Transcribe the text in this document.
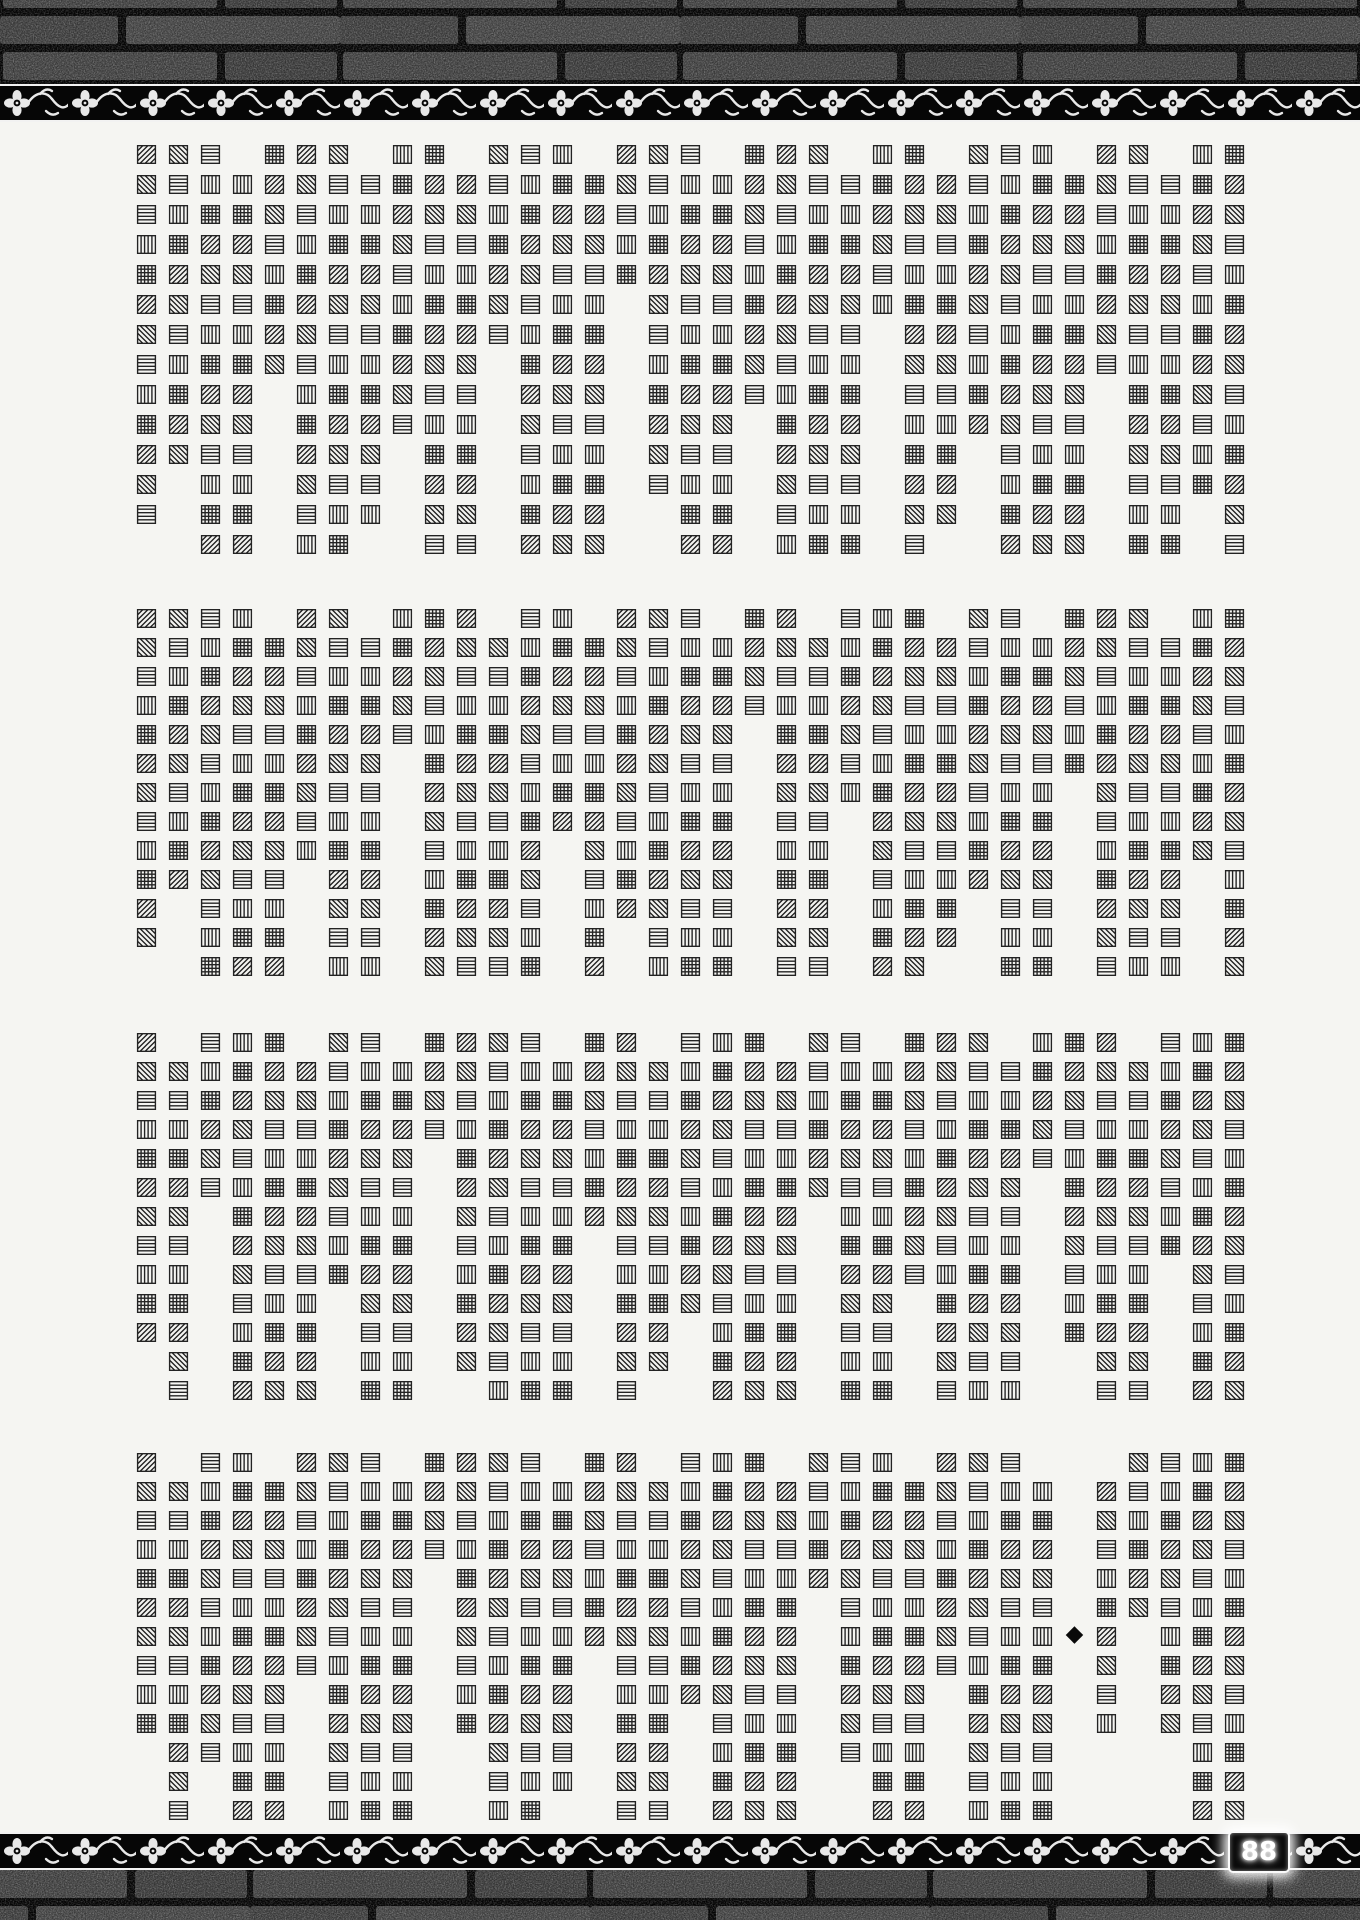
▦▨▧▤▥▦▨▧▤▥▦▨▧▤
▥▦▨▧▤▥▦▨▧▤▥▦
▤▥▦▨▧▤▥▦▨▧▤▥▦
▧▤▥▦▨▧▤▥▦▨▧▤▥▦
▨▧▤▥▦▨▧▤
▦▨▧▤▥▦▨▧▤▥▦▨▧
▥▦▨▧▤▥▦▨▧▤▥▦▨▧
▤▥▦▨▧▤▥▦▨▧▤▥▦▨
▧▤▥▦▨▧▤▥▦▨
▨▧▤▥▦▨▧▤▥▦▨▧
▦▨▧▤▥▦▨▧▤▥▦▨▧▤
▥▦▨▧▤▥
▤▥▦▨▧▤▥▦▨▧▤▥▦
▧▤▥▦▨▧▤▥▦▨▧▤▥▦
▨▧▤▥▦▨▧▤▥▦▨▧▤▥
▦▨▧▤▥▦▨▧▤
▥▦▨▧▤▥▦▨▧▤▥▦▨
▤▥▦▨▧▤▥▦▨▧▤▥▦▨
▧▤▥▦▨▧▤▥▦▨▧▤
▨▧▤▥▦
▦▨▧▤▥▦▨▧▤▥▦▨▧
▥▦▨▧▤▥▦▨▧▤▥▦▨▧
▤▥▦▨▧▤▥▦▨▧▤▥▦▨
▧▤▥▦▨▧▤
▨▧▤▥▦▨▧▤▥▦▨▧▤
▦▨▧▤▥▦▨▧▤▥▦▨▧▤
▥▦▨▧▤▥▦▨▧▤
▤▥▦▨▧▤▥▦▨▧▤▥
▧▤▥▦▨▧▤▥▦▨▧▤▥▦
▨▧▤▥▦▨▧▤▥▦▨▧▤▥
▦▨▧▤▥▦▨▧
▥▦▨▧▤▥▦▨▧▤▥▦▨
▤▥▦▨▧▤▥▦▨▧▤▥▦▨
▧▤▥▦▨▧▤▥▦▨▧
▨▧▤▥▦▨▧▤▥▦▨▧▤
▦▨▧▤▥▦▨▧▤▥▦▨▧
▥▦▨▧▤▥▦▨▧
▤▥▦▨▧▤▥▦▨▧▤▥
▧▤▥▦▨▧▤▥▦▨▧▤▥
▨▧▤▥▦▨▧▤▥▦▨▧▤
▦▨▧▤▥▦
▥▦▨▧▤▥▦▨▧▤▥▦
▤▥▦▨▧▤▥▦▨▧▤▥▦
▧▤▥▦▨▧▤▥▦▨
▨▧▤▥▦▨▧▤▥▦▨
▦▨▧▤▥▦▨▧▤▥▦▨▧
▥▦▨▧▤▥▦▨▧▤▥▦▨
▤▥▦▨▧▤▥
▧▤▥▦▨▧▤▥▦▨▧▤
▨▧▤▥▦▨▧▤▥▦▨▧▤
▦▨▧▤
▥▦▨▧▤▥▦▨▧▤▥▦
▤▥▦▨▧▤▥▦▨▧▤▥▦
▧▤▥▦▨▧▤▥▦▨▧▤▥
▨▧▤▥▦▨▧▤▥▦▨
▦▨▧▤▥▦▨▧▤▥▦▨
▥▦▨▧▤▥▦▨
▤▥▦▨▧▤▥▦▨▧▤▥▦
▧▤▥▦▨▧▤▥▦▨▧▤
▨▧▤▥▦▨▧▤▥▦▨▧▤
▦▨▧▤▥▦▨▧▤▥▦▨▧
▥▦▨▧▤
▤▥▦▨▧▤▥▦▨▧▤▥
▧▤▥▦▨▧▤▥▦▨▧▤▥
▨▧▤▥▦▨▧▤▥
▦▨▧▤▥▦▨▧▤▥▦▨
▥▦▨▧▤▥▦▨▧▤▥▦▨
▤▥▦▨▧▤▥▦▨▧▤▥▦
▧▤▥▦▨▧▤▥▦▨
▨▧▤▥▦▨▧▤▥▦▨▧
▦▨▧▤▥▦▨▧▤▥▦▨▧
▥▦▨▧▤▥▦▨▧▤▥▦▨
▤▥▦▨▧▤▥▦
▧▤▥▦▨▧▤▥▦▨▧▤
▨▧▤▥▦▨▧▤▥▦▨▧▤
▦▨▧▤▥▦▨▧▤▥▦
▥▦▨▧▤
▤▥▦▨▧▤▥▦▨▧▤▥
▧▤▥▦▨▧▤▥▦▨▧▤▥
▨▧▤▥▦▨▧▤▥▦▨▧▤
▦▨▧▤▥▦▨▧▤
▥▦▨▧▤▥▦▨▧▤▥▦
▤▥▦▨▧▤▥▦▨▧▤▥▦
▧▤▥▦▨▧
▨▧▤▥▦▨▧▤▥▦▨▧
▦▨▧▤▥▦▨▧▤▥▦▨▧
▥▦▨▧▤▥▦▨▧▤▥▦▨
▤▥▦▨▧▤▥▦▨▧
▧▤▥▦▨▧▤▥▦▨▧
▨▧▤▥▦▨▧▤▥▦▨▧▤
▦▨▧▤▥▦▨
▥▦▨▧▤▥▦▨▧▤▥▦
▤▥▦▨▧▤▥▦▨▧▤▥▦
▧▤▥▦▨▧▤▥▦▨▧▤▥
▨▧▤▥▦▨▧▤▥▦▨▧
▦▨▧▤
▥▦▨▧▤▥▦▨▧▤▥▦
▤▥▦▨▧▤▥▦▨▧▤▥▦
▧▤▥▦▨▧▤▥▦
▨▧▤▥▦▨▧▤▥▦▨▧
▦▨▧▤▥▦▨▧▤▥▦▨▧
▥▦▨▧▤▥▦▨▧▤▥▦▨
▤▥▦▨▧▤
▧▤▥▦▨▧▤▥▦▨▧▤
▨▧▤▥▦▨▧▤▥▦▨
▦▨▧▤▥▦▨▧▤▥▦▨▧
▥▦▨▧▤▥▦▨▧▤▥▦▨
▤▥▦▨▧▤▥▦▨▧
▧▤▥▦▨▧
▨▧▤▥▦▨▧▤▥
◆
▥▦▨▧▤▥▦▨▧▤▥▦
▤▥▦▨▧▤▥▦▨▧▤▥▦
▧▤▥▦▨▧▤▥▦▨▧▤▥
▨▧▤▥▦▨▧▤
▦▨▧▤▥▦▨▧▤▥▦▨
▥▦▨▧▤▥▦▨▧▤▥▦▨
▤▥▦▨▧▤▥▦▨▧▤
▧▤▥▦▨
▨▧▤▥▦▨▧▤▥▦▨▧
▦▨▧▤▥▦▨▧▤▥▦▨▧
▥▦▨▧▤▥▦▨▧▤▥▦▨
▤▥▦▨▧▤▥▦▨
▧▤▥▦▨▧▤▥▦▨▧▤
▨▧▤▥▦▨▧▤▥▦▨▧▤
▦▨▧▤▥▦▨
▥▦▨▧▤▥▦▨▧▤▥
▤▥▦▨▧▤▥▦▨▧▤▥▦
▧▤▥▦▨▧▤▥▦▨▧▤▥
▨▧▤▥▦▨▧▤▥▦
▦▨▧▤
▥▦▨▧▤▥▦▨▧▤▥▦
▤▥▦▨▧▤▥▦▨▧▤▥▦
▧▤▥▦▨▧▤▥▦▨▧▤▥
▨▧▤▥▦▨▧▤
▦▨▧▤▥▦▨▧▤▥▦▨
▥▦▨▧▤▥▦▨▧▤▥▦▨
▤▥▦▨▧▤▥▦▨▧▤
▧▤▥▦▨▧▤▥▦▨▧▤
▨▧▤▥▦▨▧▤▥▦
88
